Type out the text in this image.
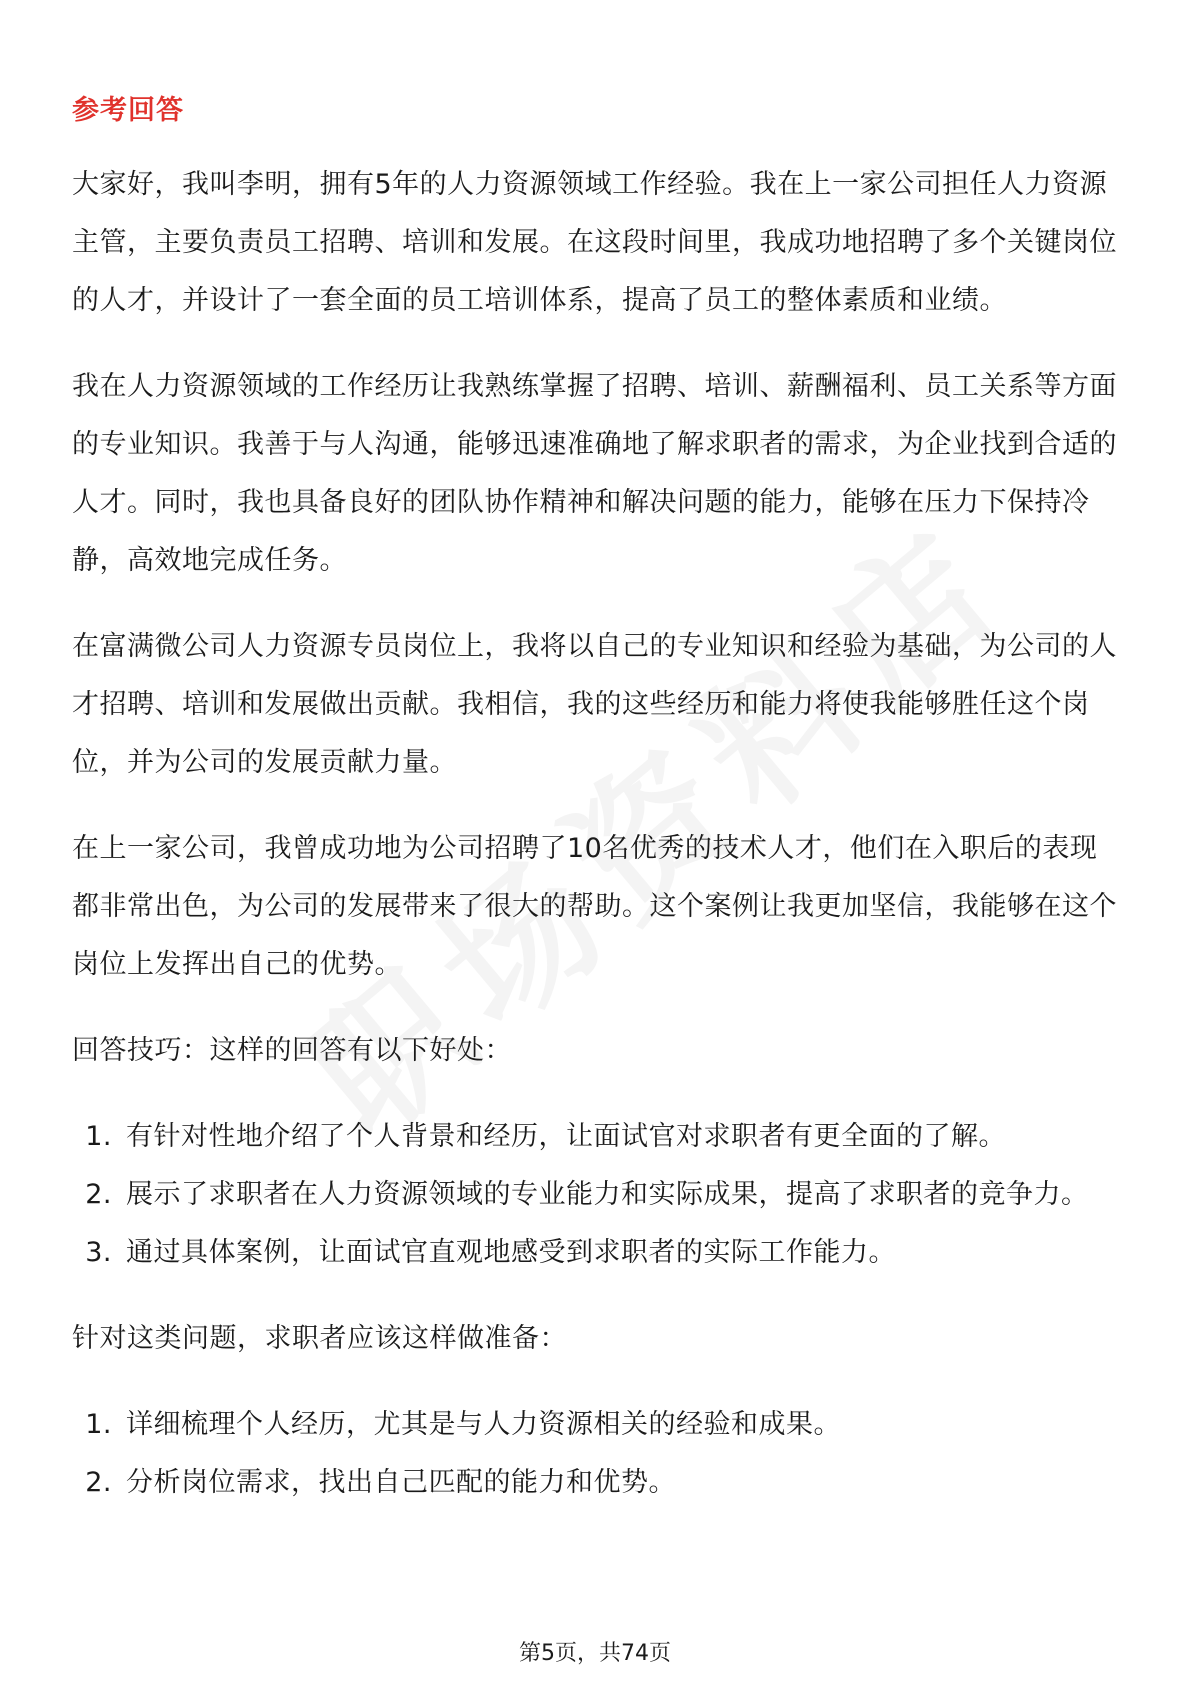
参考回答

大家好，我叫李明，拥有5年的人力资源领域工作经验。我在上一家公司担任人力资源主管，主要负责员工招聘、培训和发展。在这段时间里，我成功地招聘了多个关键岗位的人才，并设计了一套全面的员工培训体系，提高了员工的整体素质和业绩。

我在人力资源领域的工作经历让我熟练掌握了招聘、培训、薪酬福利、员工关系等方面的专业知识。我善于与人沟通，能够迅速准确地了解求职者的需求，为企业找到合适的人才。同时，我也具备良好的团队协作精神和解决问题的能力，能够在压力下保持冷静，高效地完成任务。

在富满微公司人力资源专员岗位上，我将以自己的专业知识和经验为基础，为公司的人才招聘、培训和发展做出贡献。我相信，我的这些经历和能力将使我能够胜任这个岗位，并为公司的发展贡献力量。

在上一家公司，我曾成功地为公司招聘了10名优秀的技术人才，他们在入职后的表现都非常出色，为公司的发展带来了很大的帮助。这个案例让我更加坚信，我能够在这个岗位上发挥出自己的优势。

回答技巧：这样的回答有以下好处：

1. 有针对性地介绍了个人背景和经历，让面试官对求职者有更全面的了解。
2. 展示了求职者在人力资源领域的专业能力和实际成果，提高了求职者的竞争力。
3. 通过具体案例，让面试官直观地感受到求职者的实际工作能力。

针对这类问题，求职者应该这样做准备：

1. 详细梳理个人经历，尤其是与人力资源相关的经验和成果。
2. 分析岗位需求，找出自己匹配的能力和优势。
第5页，共74页
